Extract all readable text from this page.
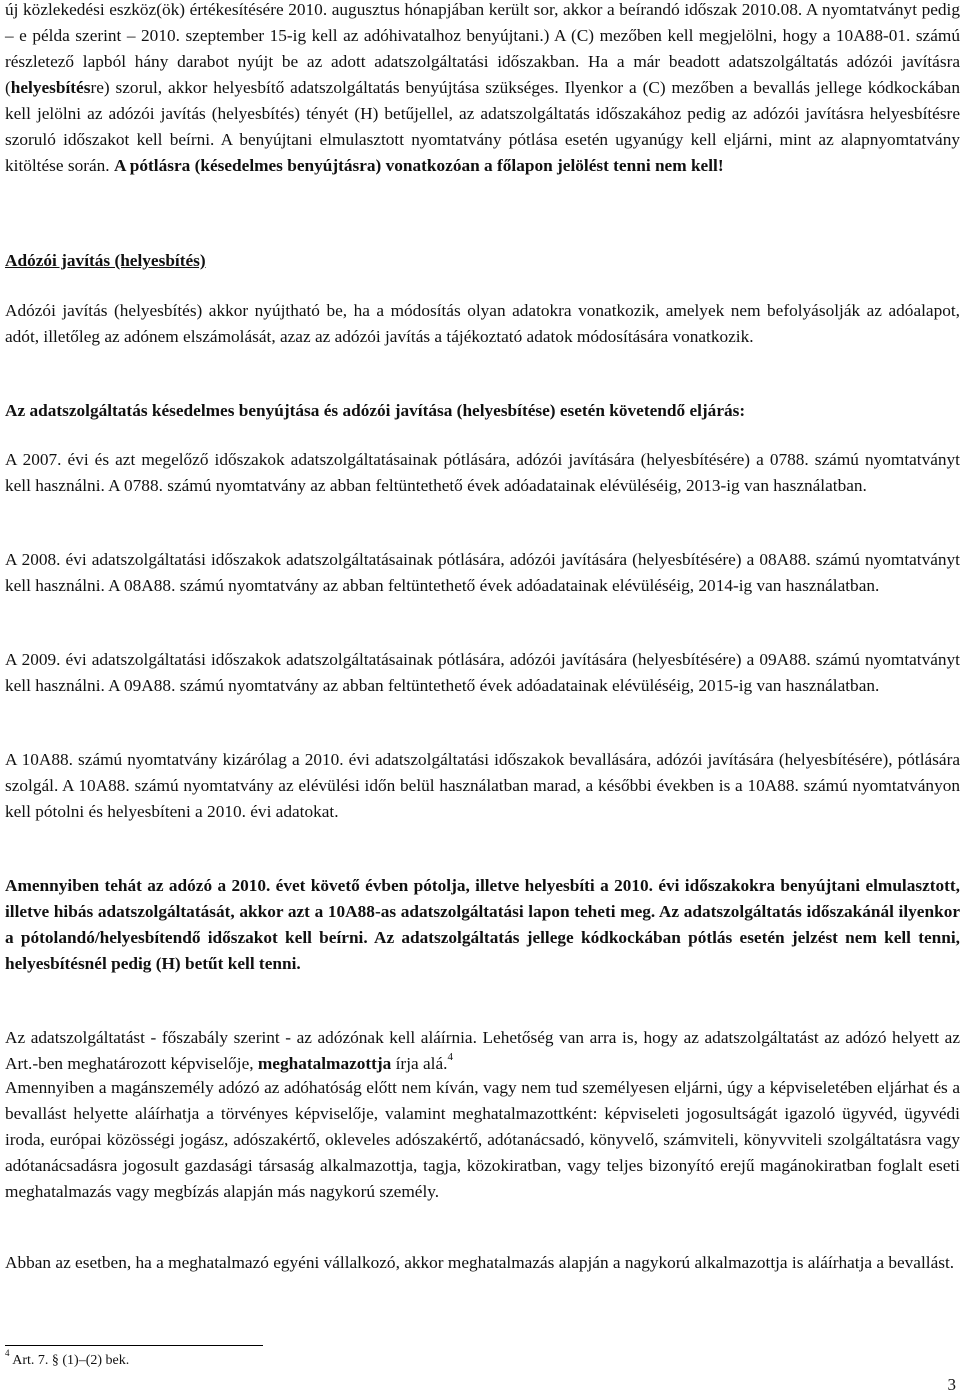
új közlekedési eszköz(ök) értékesítésére 2010. augusztus hónapjában került sor, akkor a beírandó időszak 2010.08. A nyomtatványt pedig – e példa szerint – 2010. szeptember 15-ig kell az adóhivatalhoz benyújtani.) A (C) mezőben kell megjelölni, hogy a 10A88-01. számú részletező lapból hány darabot nyújt be az adott adatszolgáltatási időszakban. Ha a már beadott adatszolgáltatás adózói javításra (helyesbítésre) szorul, akkor helyesbítő adatszolgáltatás benyújtása szükséges. Ilyenkor a (C) mezőben a bevallás jellege kódkockában kell jelölni az adózói javítás (helyesbítés) tényét (H) betűjellel, az adatszolgáltatás időszakához pedig az adózói javításra helyesbítésre szoruló időszakot kell beírni. A benyújtani elmulasztott nyomtatvány pótlása esetén ugyanúgy kell eljárni, mint az alapnyomtatvány kitöltése során. A pótlásra (késedelmes benyújtásra) vonatkozóan a főlapon jelölést tenni nem kell!

Adózói javítás (helyesbítés)

Adózói javítás (helyesbítés) akkor nyújtható be, ha a módosítás olyan adatokra vonatkozik, amelyek nem befolyásolják az adóalapot, adót, illetőleg az adónem elszámolását, azaz az adózói javítás a tájékoztató adatok módosítására vonatkozik.

Az adatszolgáltatás késedelmes benyújtása és adózói javítása (helyesbítése) esetén követendő eljárás:

A 2007. évi és azt megelőző időszakok adatszolgáltatásainak pótlására, adózói javítására (helyesbítésére) a 0788. számú nyomtatványt kell használni. A 0788. számú nyomtatvány az abban feltüntethető évek adóadatainak elévüléséig, 2013-ig van használatban.

A 2008. évi adatszolgáltatási időszakok adatszolgáltatásainak pótlására, adózói javítására (helyesbítésére) a 08A88. számú nyomtatványt kell használni. A 08A88. számú nyomtatvány az abban feltüntethető évek adóadatainak elévüléséig, 2014-ig van használatban.

A 2009. évi adatszolgáltatási időszakok adatszolgáltatásainak pótlására, adózói javítására (helyesbítésére) a 09A88. számú nyomtatványt kell használni. A 09A88. számú nyomtatvány az abban feltüntethető évek adóadatainak elévüléséig, 2015-ig van használatban.

A 10A88. számú nyomtatvány kizárólag a 2010. évi adatszolgáltatási időszakok bevallására, adózói javítására (helyesbítésére), pótlására szolgál. A 10A88. számú nyomtatvány az elévülési időn belül használatban marad, a későbbi években is a 10A88. számú nyomtatványon kell pótolni és helyesbíteni a 2010. évi adatokat.

Amennyiben tehát az adózó a 2010. évet követő évben pótolja, illetve helyesbíti a 2010. évi időszakokra benyújtani elmulasztott, illetve hibás adatszolgáltatását, akkor azt a 10A88-as adatszolgáltatási lapon teheti meg. Az adatszolgáltatás időszakánál ilyenkor a pótolandó/helyesbítendő időszakot kell beírni. Az adatszolgáltatás jellege kódkockában pótlás esetén jelzést nem kell tenni, helyesbítésnél pedig (H) betűt kell tenni.

Az adatszolgáltatást - főszabály szerint - az adózónak kell aláírnia. Lehetőség van arra is, hogy az adatszolgáltatást az adózó helyett az Art.-ben meghatározott képviselője, meghatalmazottja írja alá.$^4$

Amennyiben a magánszemély adózó az adóhatóság előtt nem kíván, vagy nem tud személyesen eljárni, úgy a képviseletében eljárhat és a bevallást helyette aláírhatja a törvényes képviselője, valamint meghatalmazottként: képviseleti jogosultságát igazoló ügyvéd, ügyvédi iroda, európai közösségi jogász, adószakértő, okleveles adószakértő, adótanácsadó, könyvelő, számviteli, könyvviteli szolgáltatásra vagy adótanácsadásra jogosult gazdasági társaság alkalmazottja, tagja, közokiratban, vagy teljes bizonyító erejű magánokiratban foglalt eseti meghatalmazás vagy megbízás alapján más nagykorú személy.

Abban az esetben, ha a meghatalmazó egyéni vállalkozó, akkor meghatalmazás alapján a nagykorú alkalmazottja is aláírhatja a bevallást.

$^4$ Art. 7. § (1)–(2) bek.
3
